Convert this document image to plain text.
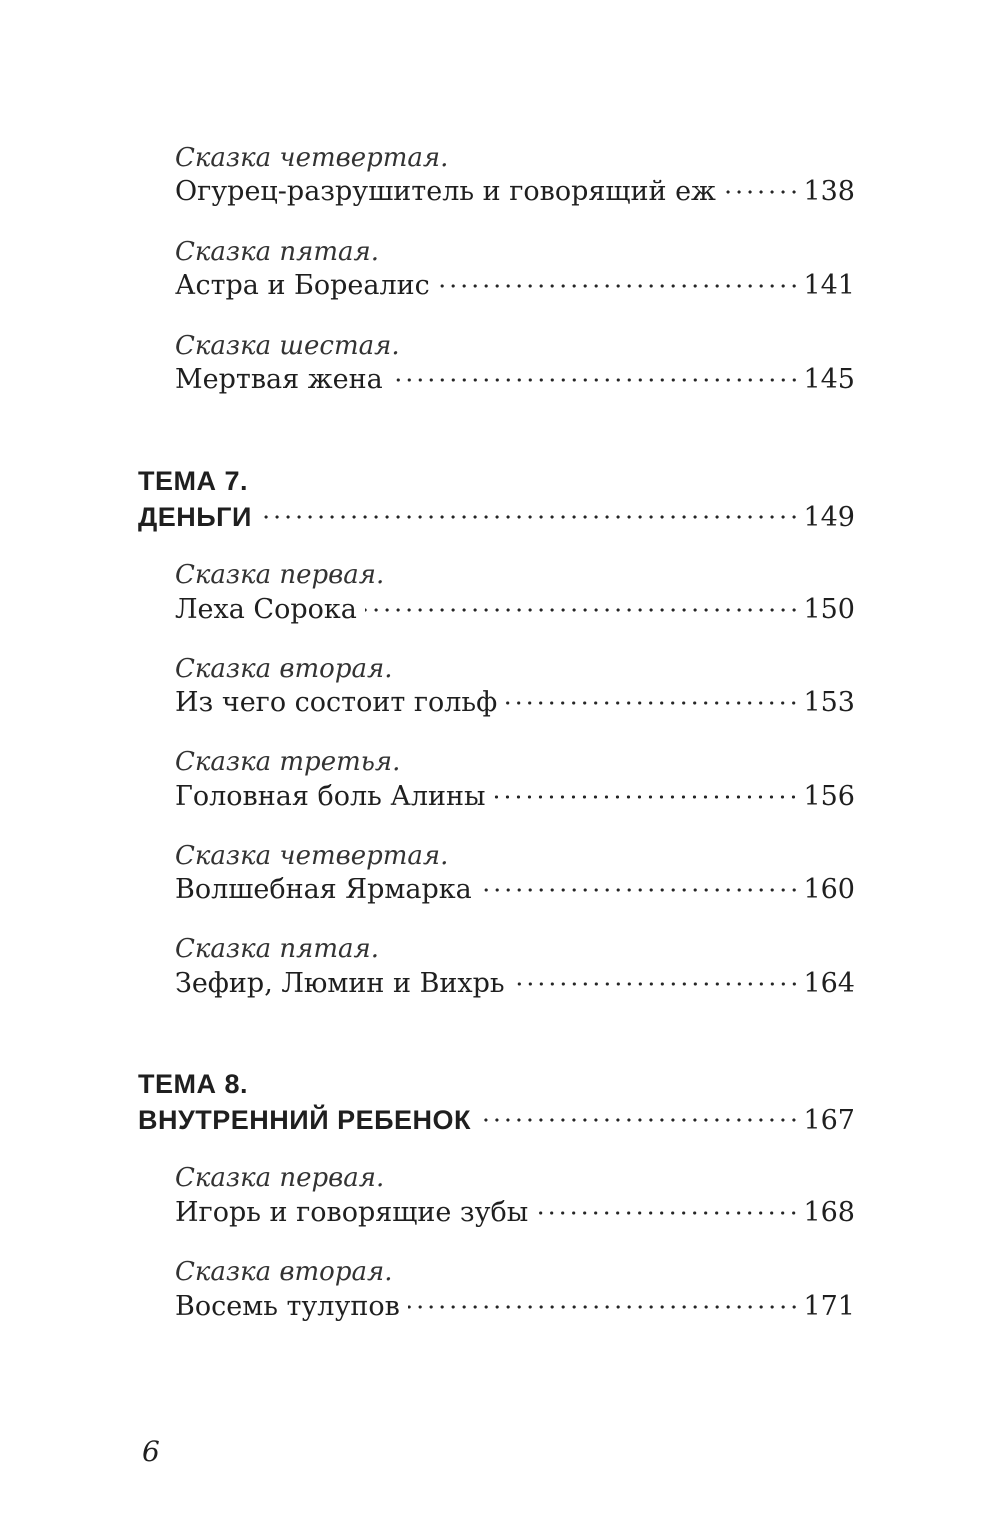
Сказка четвертая.
Огурец-разрушитель и говорящий еж	138
Сказка пятая.
Астра и Бореалис	141
Сказка шестая.
Мертвая жена	145
ТЕМА 7.
ДЕНЬГИ	149
Сказка первая.
Леха Сорока	150
Сказка вторая.
Из чего состоит гольф	153
Сказка третья.
Головная боль Алины	156
Сказка четвертая.
Волшебная Ярмарка	160
Сказка пятая.
Зефир, Люмин и Вихрь	164
ТЕМА 8.
ВНУТРЕННИЙ РЕБЕНОК	167
Сказка первая.
Игорь и говорящие зубы	168
Сказка вторая.
Восемь тулупов	171
6
